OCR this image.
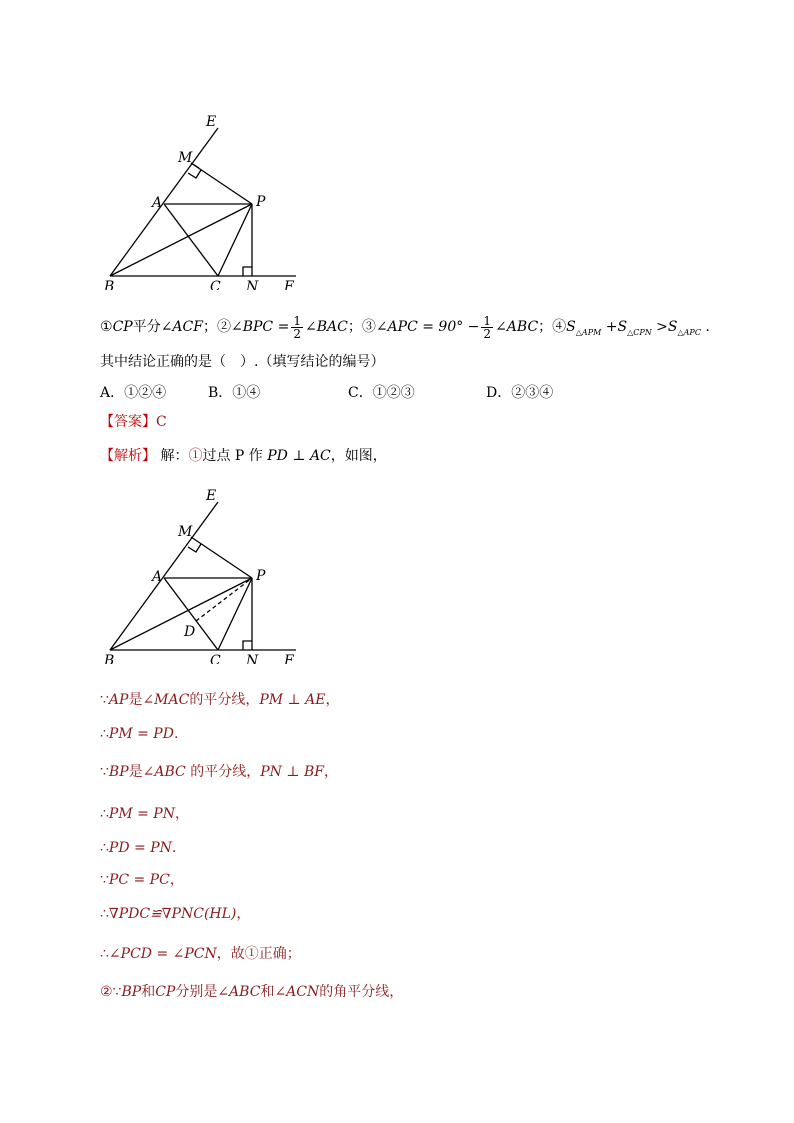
E
M
A	P
B	C N F
①CP平分∠ACF；②∠BPC = $\frac{1}{2}$ ∠BAC；③∠APC = $90^\circ - \frac{1}{2}$ ∠ABC；$④S_{\triangle APM} +S_{\triangle CPN} >S_{\triangle APC}$ .
其中结论正确的是（　）.（填写结论的编号）
A．①②④	B．①④	C．①②③	D．②③④
【答案】C
【解析】 解：①过点 P 作 PD ⊥ AC，如图，
E
M
A	P
D
B	C N F
∵AP是∠MAC的平分线，PM ⊥ AE，
∴PM = PD.
∵BP是∠ABC 的平分线，PN ⊥ BF，
∴PM = PN，
∴PD = PN.
∵PC = PC，
∴∇PDC≌∇PNC(HL)，
∴∠PCD = ∠PCN，故①正确；
②∵BP和CP分别是∠ABC和∠ACN的角平分线，
